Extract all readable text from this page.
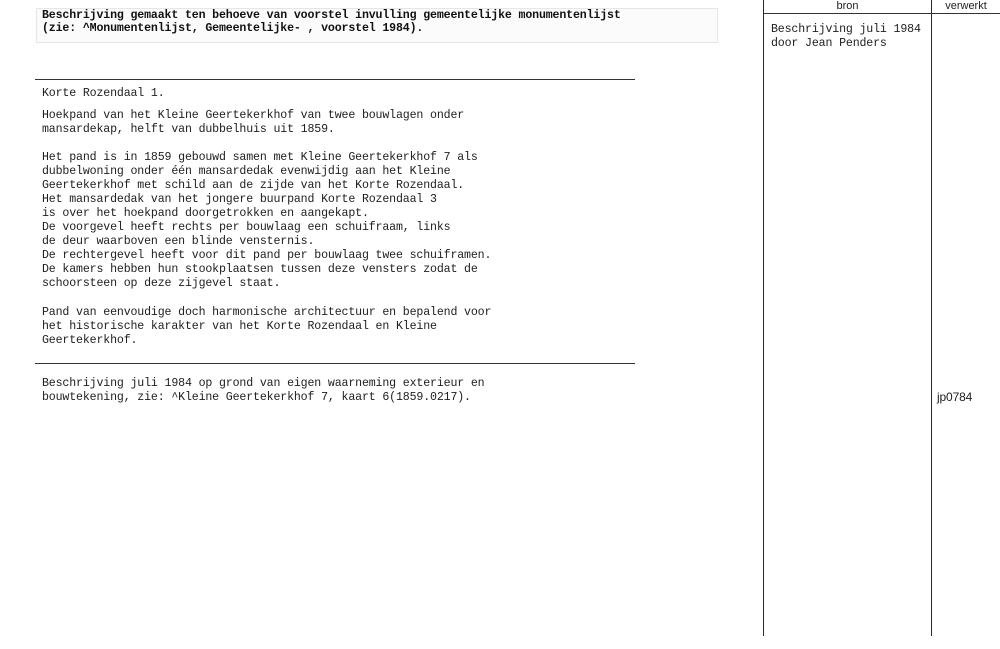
Beschrijving gemaakt ten behoeve van voorstel invulling gemeentelijke monumentenlijst
(zie: ^Monumentenlijst, Gemeentelijke- , voorstel 1984).
bron	verwerkt
Beschrijving juli 1984
door Jean Penders
Korte Rozendaal 1.
Hoekpand van het Kleine Geertekerkhof van twee bouwlagen onder
mansardekap, helft van dubbelhuis uit 1859.
Het pand is in 1859 gebouwd samen met Kleine Geertekerkhof 7 als
dubbelwoning onder één mansardedak evenwijdig aan het Kleine
Geertekerkhof met schild aan de zijde van het Korte Rozendaal.
Het mansardedak van het jongere buurpand Korte Rozendaal 3
is over het hoekpand doorgetrokken en aangekapt.
De voorgevel heeft rechts per bouwlaag een schuifraam, links
de deur waarboven een blinde vensternis.
De rechtergevel heeft voor dit pand per bouwlaag twee schuiframen.
De kamers hebben hun stookplaatsen tussen deze vensters zodat de
schoorsteen op deze zijgevel staat.
Pand van eenvoudige doch harmonische architectuur en bepalend voor
het historische karakter van het Korte Rozendaal en Kleine
Geertekerkhof.
Beschrijving juli 1984 op grond van eigen waarneming exterieur en
bouwtekening, zie: ^Kleine Geertekerkhof 7, kaart 6(1859.0217).	jp0784
